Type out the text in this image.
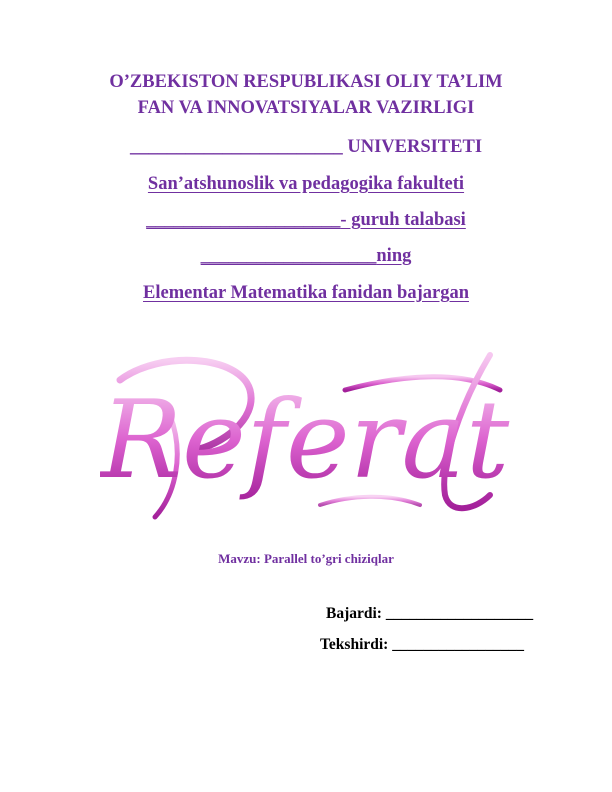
O’ZBEKISTON RESPUBLIKASI OLIY TA’LIM
FAN VA INNOVATSIYALAR VAZIRLIGI
_______________________ UNIVERSITETI
San’atshunoslik va pedagogika fakulteti
_____________________- guruh talabasi
___________________ning
Elementar Matematika fanidan bajargan
Referat
Mavzu: Parallel to’gri chiziqlar
Bajardi: ___________________
Tekshirdi: _________________
